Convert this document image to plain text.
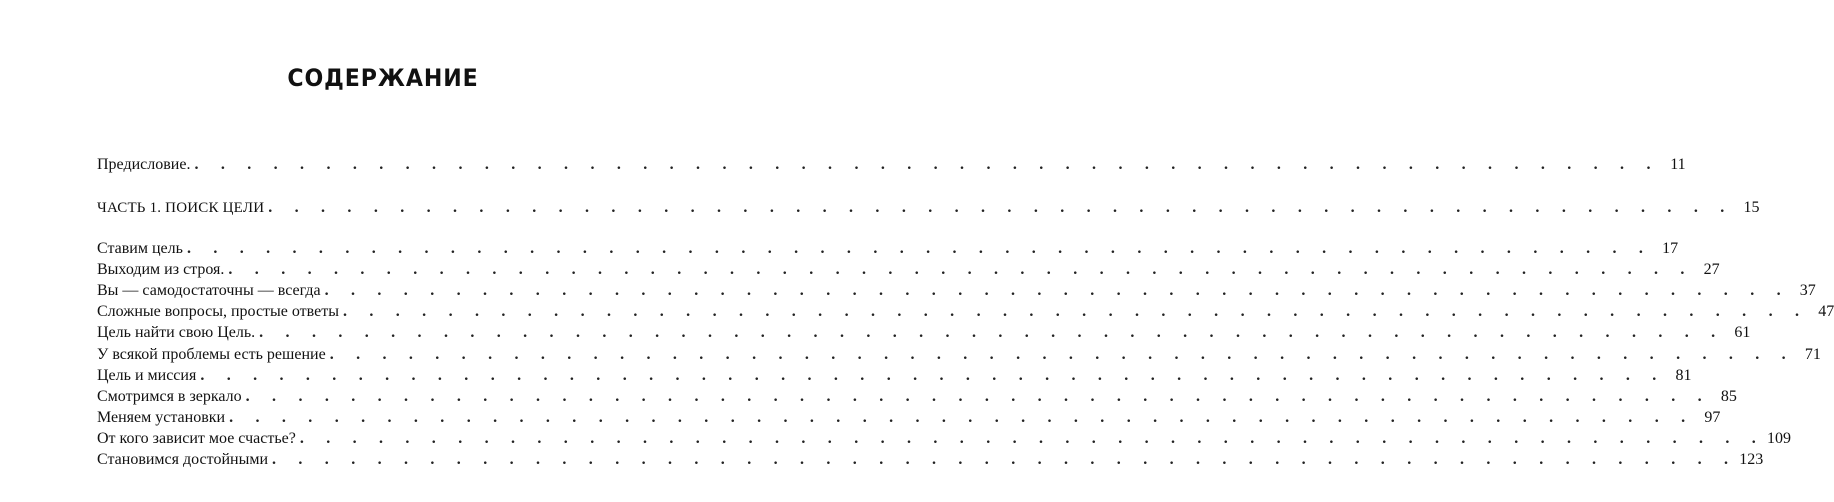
СОДЕРЖАНИЕ
Предисловие. . . . . . . . . . . . . . . . . . . . . . . . . . . . . . . . . . . . . . . . . . . . . . . . . . . . . . . . . 11
ЧАСТЬ 1. ПОИСК ЦЕЛИ . . . . . . . . . . . . . . . . . . . . . . . . . . . . . . . . . . . . . . . . . . . . . . . . . . . . . . . . 15
Ставим цель . . . . . . . . . . . . . . . . . . . . . . . . . . . . . . . . . . . . . . . . . . . . . . . . . . . . . . . . 17
Выходим из строя. . . . . . . . . . . . . . . . . . . . . . . . . . . . . . . . . . . . . . . . . . . . . . . . . . . . . . . . . 27
Вы — самодостаточны — всегда . . . . . . . . . . . . . . . . . . . . . . . . . . . . . . . . . . . . . . . . . . . . . . . . . . . . . . . . 37
Сложные вопросы, простые ответы . . . . . . . . . . . . . . . . . . . . . . . . . . . . . . . . . . . . . . . . . . . . . . . . . . . . . . . . 47
Цель найти свою Цель. . . . . . . . . . . . . . . . . . . . . . . . . . . . . . . . . . . . . . . . . . . . . . . . . . . . . . . . . 61
У всякой проблемы есть решение . . . . . . . . . . . . . . . . . . . . . . . . . . . . . . . . . . . . . . . . . . . . . . . . . . . . . . . . 71
Цель и миссия . . . . . . . . . . . . . . . . . . . . . . . . . . . . . . . . . . . . . . . . . . . . . . . . . . . . . . . . 81
Смотримся в зеркало . . . . . . . . . . . . . . . . . . . . . . . . . . . . . . . . . . . . . . . . . . . . . . . . . . . . . . . . 85
Меняем установки . . . . . . . . . . . . . . . . . . . . . . . . . . . . . . . . . . . . . . . . . . . . . . . . . . . . . . . . 97
От кого зависит мое счастье? . . . . . . . . . . . . . . . . . . . . . . . . . . . . . . . . . . . . . . . . . . . . . . . . . . . . . . . . 109
Становимся достойными . . . . . . . . . . . . . . . . . . . . . . . . . . . . . . . . . . . . . . . . . . . . . . . . . . . . . . . . 123
